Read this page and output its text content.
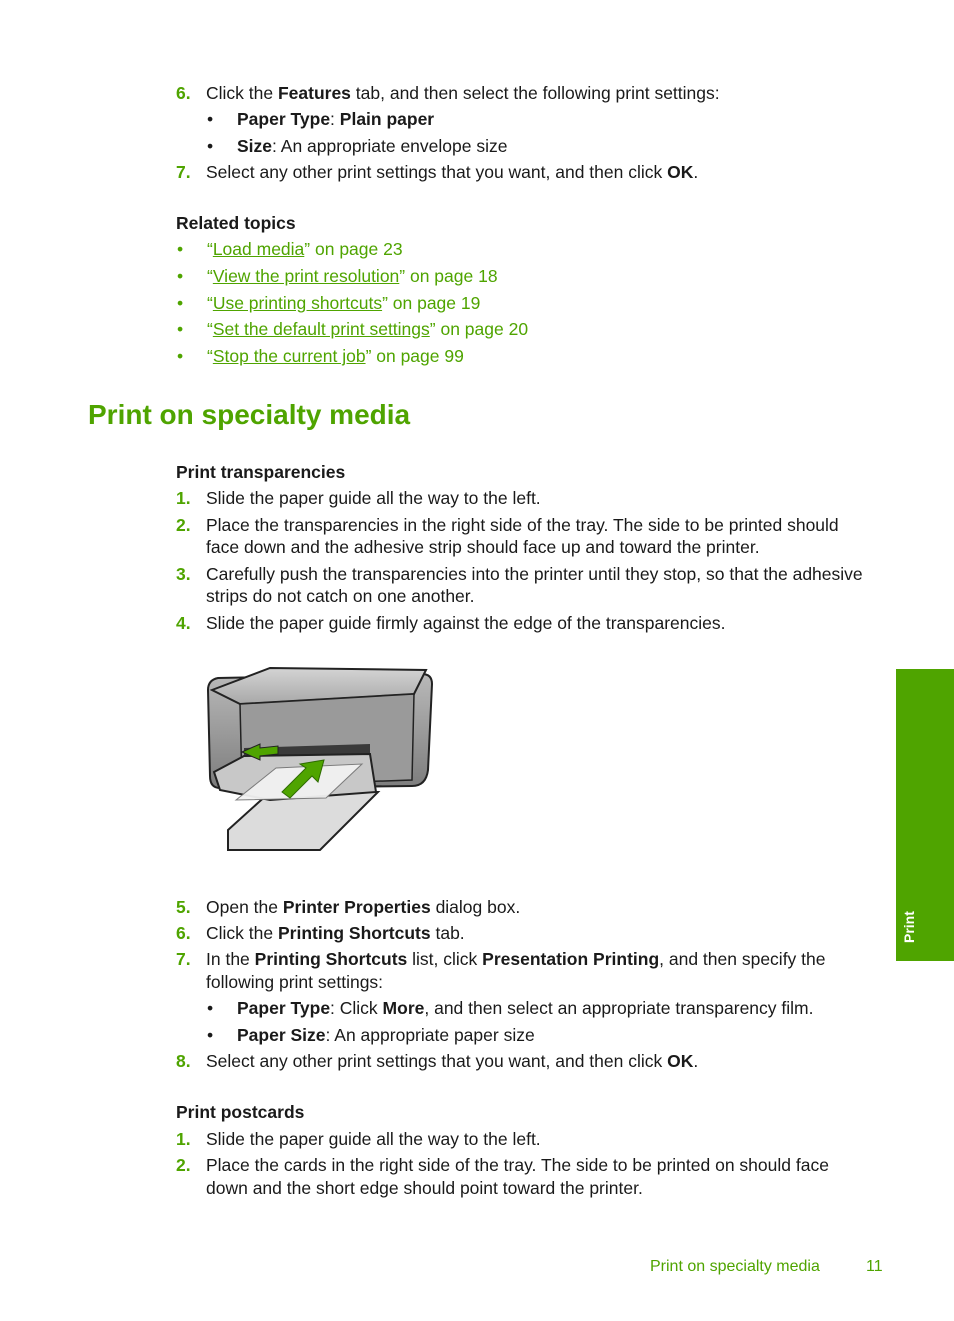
6. Click the Features tab, and then select the following print settings:
• Paper Type: Plain paper
• Size: An appropriate envelope size
7. Select any other print settings that you want, and then click OK.
Related topics
• “Load media” on page 23
• “View the print resolution” on page 18
• “Use printing shortcuts” on page 19
• “Set the default print settings” on page 20
• “Stop the current job” on page 99
Print on specialty media
Print transparencies
1. Slide the paper guide all the way to the left.
2. Place the transparencies in the right side of the tray. The side to be printed should
face down and the adhesive strip should face up and toward the printer.
3. Carefully push the transparencies into the printer until they stop, so that the adhesive
strips do not catch on one another.
4. Slide the paper guide firmly against the edge of the transparencies.
5. Open the Printer Properties dialog box.
6. Click the Printing Shortcuts tab.
7. In the Printing Shortcuts list, click Presentation Printing, and then specify the
following print settings:
• Paper Type: Click More, and then select an appropriate transparency film.
• Paper Size: An appropriate paper size
8. Select any other print settings that you want, and then click OK.
Print postcards
1. Slide the paper guide all the way to the left.
2. Place the cards in the right side of the tray. The side to be printed on should face
down and the short edge should point toward the printer.
Print
Print on specialty media	11
